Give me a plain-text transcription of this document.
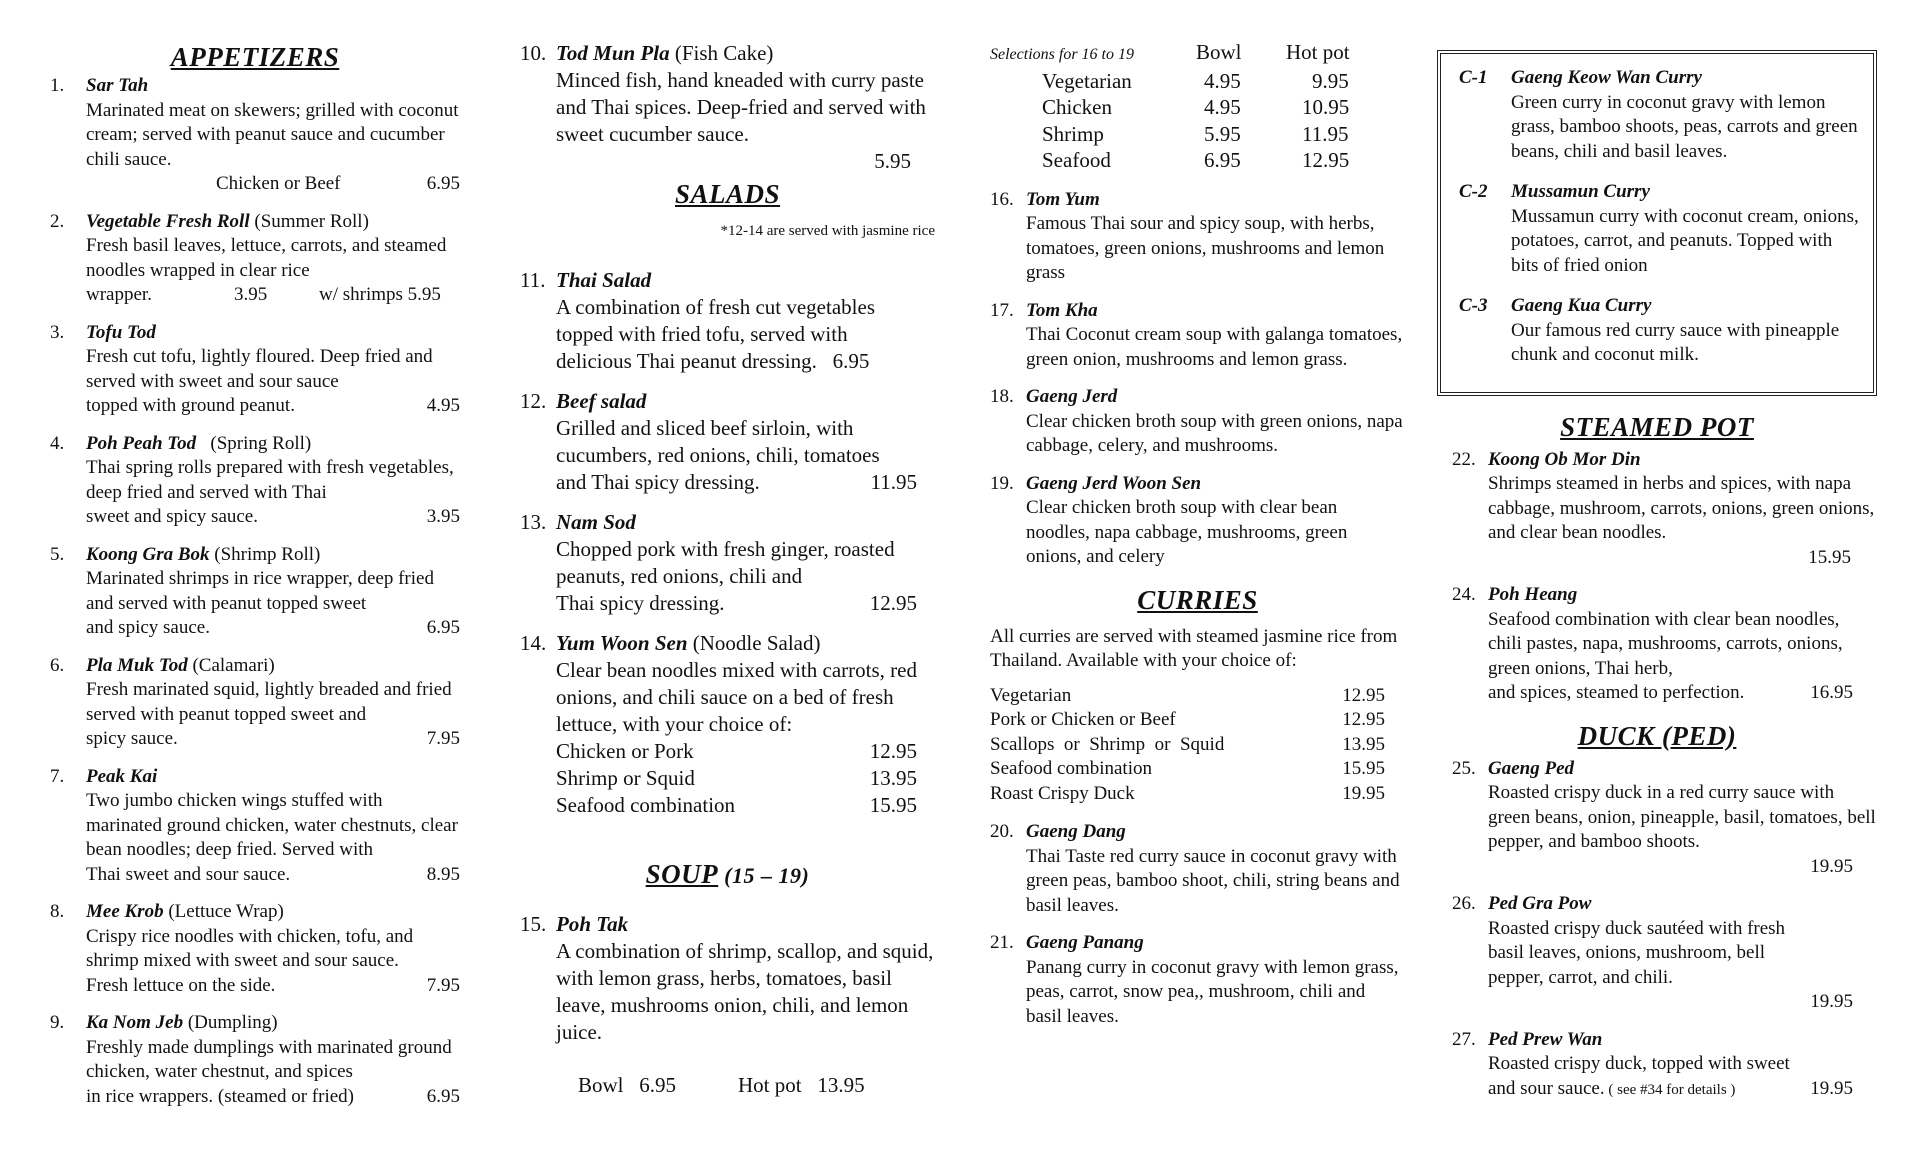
APPETIZERS
1. Sar Tah
Marinated meat on skewers; grilled with coconut cream; served with peanut sauce and cucumber chili sauce.
Chicken or Beef	6.95
2. Vegetable Fresh Roll (Summer Roll)
Fresh basil leaves, lettuce, carrots, and steamed noodles wrapped in clear rice
wrapper.	3.95	w/ shrimps 5.95
3. Tofu Tod
Fresh cut tofu, lightly floured. Deep fried and served with sweet and sour sauce
topped with ground peanut.	4.95
4. Poh Peah Tod   (Spring Roll)
Thai spring rolls prepared with fresh vegetables, deep fried and served with Thai
sweet and spicy sauce.	3.95
5. Koong Gra Bok (Shrimp Roll)
Marinated shrimps in rice wrapper, deep fried and served with peanut topped sweet
and spicy sauce.	6.95
6. Pla Muk Tod (Calamari)
Fresh marinated squid, lightly breaded and fried served with peanut topped sweet and
spicy sauce.	7.95
7. Peak Kai
Two jumbo chicken wings stuffed with marinated ground chicken, water chestnuts, clear bean noodles; deep fried. Served with
Thai sweet and sour sauce.	8.95
8. Mee Krob (Lettuce Wrap)
Crispy rice noodles with chicken, tofu, and shrimp mixed with sweet and sour sauce.
Fresh lettuce on the side.	7.95
9. Ka Nom Jeb (Dumpling)
Freshly made dumplings with marinated ground chicken, water chestnut, and spices
in rice wrappers. (steamed or fried)	6.95
10. Tod Mun Pla (Fish Cake)
Minced fish, hand kneaded with curry paste and Thai spices. Deep-fried and served with sweet cucumber sauce.
5.95
SALADS
*12-14 are served with jasmine rice
11. Thai Salad
A combination of fresh cut vegetables topped with fried tofu, served with
delicious Thai peanut dressing. 6.95
12. Beef salad
Grilled and sliced beef sirloin, with cucumbers, red onions, chili, tomatoes
and Thai spicy dressing.	11.95
13. Nam Sod
Chopped pork with fresh ginger, roasted peanuts, red onions, chili and
Thai spicy dressing.	12.95
14. Yum Woon Sen (Noodle Salad)
Clear bean noodles mixed with carrots, red onions, and chili sauce on a bed of fresh lettuce, with your choice of:
Chicken or Pork	12.95
Shrimp or Squid	13.95
Seafood combination	15.95
SOUP (15 – 19)
15. Poh Tak
A combination of shrimp, scallop, and squid, with lemon grass, herbs, tomatoes, basil leave, mushrooms onion, chili, and lemon juice.
Bowl   6.95	Hot pot   13.95
Selections for 16 to 19	Bowl	Hot pot
Vegetarian	4.95	9.95
Chicken	4.95	10.95
Shrimp	5.95	11.95
Seafood	6.95	12.95
16. Tom Yum
Famous Thai sour and spicy soup, with herbs, tomatoes, green onions, mushrooms and lemon grass
17. Tom Kha
Thai Coconut cream soup with galanga tomatoes, green onion, mushrooms and lemon grass.
18. Gaeng Jerd
Clear chicken broth soup with green onions, napa cabbage, celery, and mushrooms.
19. Gaeng Jerd Woon Sen
Clear chicken broth soup with clear bean noodles, napa cabbage, mushrooms, green onions, and celery
CURRIES
All curries are served with steamed jasmine rice from Thailand. Available with your choice of:
Vegetarian	12.95
Pork or Chicken or Beef	12.95
Scallops  or  Shrimp  or  Squid	13.95
Seafood combination	15.95
Roast Crispy Duck	19.95
20. Gaeng Dang
Thai Taste red curry sauce in coconut gravy with green peas, bamboo shoot, chili, string beans and basil leaves.
21. Gaeng Panang
Panang curry in coconut gravy with lemon grass, peas, carrot, snow pea,, mushroom, chili and basil leaves.
C-1 Gaeng Keow Wan Curry
Green curry in coconut gravy with lemon grass, bamboo shoots, peas, carrots and green beans, chili and basil leaves.
C-2 Mussamun Curry
Mussamun curry with coconut cream, onions, potatoes, carrot, and peanuts. Topped with bits of fried onion
C-3 Gaeng Kua Curry
Our famous red curry sauce with pineapple chunk and coconut milk.
STEAMED POT
22. Koong Ob Mor Din
Shrimps steamed in herbs and spices, with napa cabbage, mushroom, carrots, onions, green onions, and clear bean noodles.
15.95
24. Poh Heang
Seafood combination with clear bean noodles, chili pastes, napa, mushrooms, carrots, onions, green onions, Thai herb,
and spices, steamed to perfection.	16.95
DUCK (PED)
25. Gaeng Ped
Roasted crispy duck in a red curry sauce with green beans, onion, pineapple, basil, tomatoes, bell pepper, and bamboo shoots.
19.95
26. Ped Gra Pow
Roasted crispy duck sautéed with fresh basil leaves, onions, mushroom, bell pepper, carrot, and chili.
19.95
27. Ped Prew Wan
Roasted crispy duck, topped with sweet
and sour sauce. ( see #34 for details )	19.95
